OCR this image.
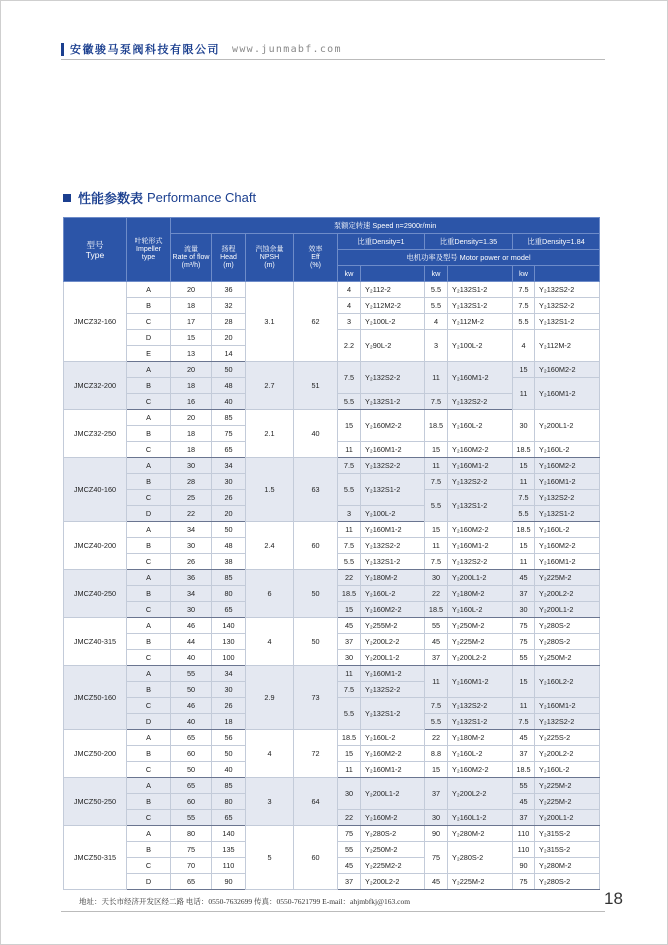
安徽骏马泵阀科技有限公司 www.junmabf.com
性能参数表 Performance Chaft
型号
Type	叶轮形式
Impeller
type	泵额定转速 Speed n=2900r/min									
		流量
Rate of flow
(m³/h)	扬程
Head
(m)	汽蚀余量
NPSH
(m)	效率
Eff
(%)	比重Density=1		比重Density=1.35		比重Density=1.84	
						电机功率及型号 Motor power or model					
						kw		kw		kw	
JMCZ32-160	A	20	36	3.1	62	4	Y₂112-2	5.5	Y₂132S1-2	7.5	Y₂132S2-2
	B	18	32			4	Y₂112M2-2	5.5	Y₂132S1-2	7.5	Y₂132S2-2
	C	17	28			3	Y₂100L-2	4	Y₂112M-2	5.5	Y₂132S1-2
	D	15	20			2.2	Y₂90L-2	3	Y₂100L-2	4	Y₂112M-2
	E	13	14								
JMCZ32-200	A	20	50	2.7	51	7.5	Y₂132S2-2	11	Y₂160M1-2	15	Y₂160M2-2
	B	18	48							11	Y₂160M1-2
	C	16	40			5.5	Y₂132S1-2	7.5	Y₂132S2-2		
JMCZ32-250	A	20	85	2.1	40	15	Y₂160M2-2	18.5	Y₂160L-2	30	Y₂200L1-2
	B	18	75								
	C	18	65			11	Y₂160M1-2	15	Y₂160M2-2	18.5	Y₂160L-2
JMCZ40-160	A	30	34	1.5	63	7.5	Y₂132S2-2	11	Y₂160M1-2	15	Y₂160M2-2
	B	28	30			5.5	Y₂132S1-2	7.5	Y₂132S2-2	11	Y₂160M1-2
	C	25	26					5.5	Y₂132S1-2	7.5	Y₂132S2-2
	D	22	20			3	Y₂100L-2			5.5	Y₂132S1-2
JMCZ40-200	A	34	50	2.4	60	11	Y₂160M1-2	15	Y₂160M2-2	18.5	Y₂160L-2
	B	30	48			7.5	Y₂132S2-2	11	Y₂160M1-2	15	Y₂160M2-2
	C	26	38			5.5	Y₂132S1-2	7.5	Y₂132S2-2	11	Y₂160M1-2
JMCZ40-250	A	36	85	6	50	22	Y₂180M-2	30	Y₂200L1-2	45	Y₂225M-2
	B	34	80			18.5	Y₂160L-2	22	Y₂180M-2	37	Y₂200L2-2
	C	30	65			15	Y₂160M2-2	18.5	Y₂160L-2	30	Y₂200L1-2
JMCZ40-315	A	46	140	4	50	45	Y₂255M-2	55	Y₂250M-2	75	Y₂280S-2
	B	44	130			37	Y₂200L2-2	45	Y₂225M-2	75	Y₂280S-2
	C	40	100			30	Y₂200L1-2	37	Y₂200L2-2	55	Y₂250M-2
JMCZ50-160	A	55	34	2.9	73	11	Y₂160M1-2	11	Y₂160M1-2	15	Y₂160L2-2
	B	50	30			7.5	Y₂132S2-2				
	C	46	26			5.5	Y₂132S1-2	7.5	Y₂132S2-2	11	Y₂160M1-2
	D	40	18					5.5	Y₂132S1-2	7.5	Y₂132S2-2
JMCZ50-200	A	65	56	4	72	18.5	Y₂160L-2	22	Y₂180M-2	45	Y₂225S-2
	B	60	50			15	Y₂160M2-2	8.8	Y₂160L-2	37	Y₂200L2-2
	C	50	40			11	Y₂160M1-2	15	Y₂160M2-2	18.5	Y₂160L-2
JMCZ50-250	A	65	85	3	64	30	Y₂200L1-2	37	Y₂200L2-2	55	Y₂225M-2
	B	60	80							45	Y₂225M-2
	C	55	65			22	Y₂160M-2	30	Y₂160L1-2	37	Y₂200L1-2
JMCZ50-315	A	80	140	5	60	75	Y₂280S-2	90	Y₂280M-2	110	Y₂315S-2
	B	75	135			55	Y₂250M-2	75	Y₂280S-2	110	Y₂315S-2
	C	70	110			45	Y₂225M2-2			90	Y₂280M-2
	D	65	90			37	Y₂200L2-2	45	Y₂225M-2	75	Y₂280S-2
地址：天长市经济开发区经二路 电话：0550-7632699 传真：0550-7621799 E-mail：ahjmbfkj@163.com	18
